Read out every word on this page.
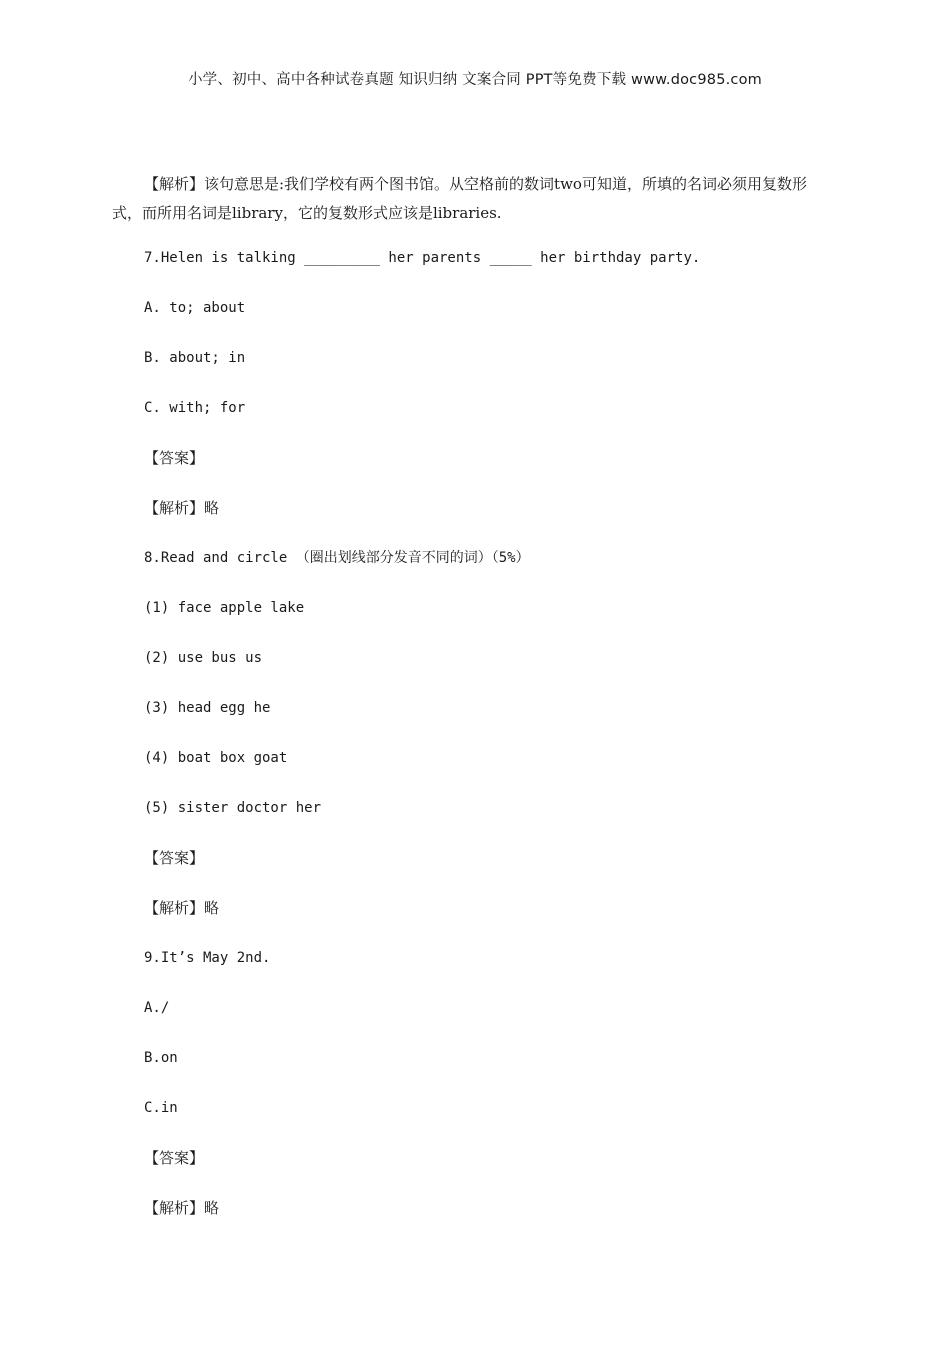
小学、初中、高中各种试卷真题 知识归纳 文案合同 PPT等免费下载 www.doc985.com
【解析】该句意思是:我们学校有两个图书馆。从空格前的数词two可知道，所填的名词必须用复数形式，而所用名词是library，它的复数形式应该是libraries.
7.Helen is talking _________ her parents _____ her birthday party.
A. to; about
B. about; in
C. with; for
【答案】
【解析】略
8.Read and circle （圈出划线部分发音不同的词）（5%）
(1) face apple lake
(2) use bus us
(3) head egg he
(4) boat box goat
(5) sister doctor her
【答案】
【解析】略
9.It’s May 2nd.
A./
B.on
C.in
【答案】
【解析】略
